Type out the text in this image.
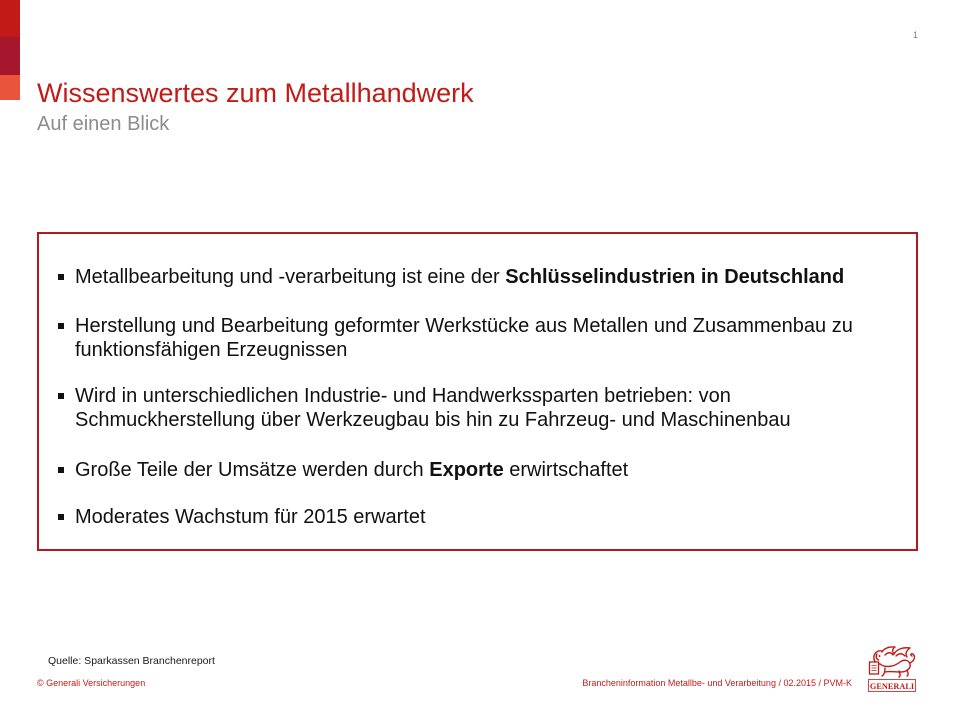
1
Wissenswertes zum Metallhandwerk
Auf einen Blick
Metallbearbeitung und -verarbeitung ist eine der Schlüsselindustrien in Deutschland
Herstellung und Bearbeitung geformter Werkstücke aus Metallen und Zusammenbau zu
funktionsfähigen Erzeugnissen
Wird in unterschiedlichen Industrie- und Handwerkssparten betrieben: von
Schmuckherstellung über Werkzeugbau bis hin zu Fahrzeug- und Maschinenbau
Große Teile der Umsätze werden durch Exporte erwirtschaftet
Moderates Wachstum für 2015 erwartet
Quelle: Sparkassen Branchenreport
© Generali Versicherungen	Brancheninformation Metallbe- und Verarbeitung / 02.2015 / PVM-K GENERALI
